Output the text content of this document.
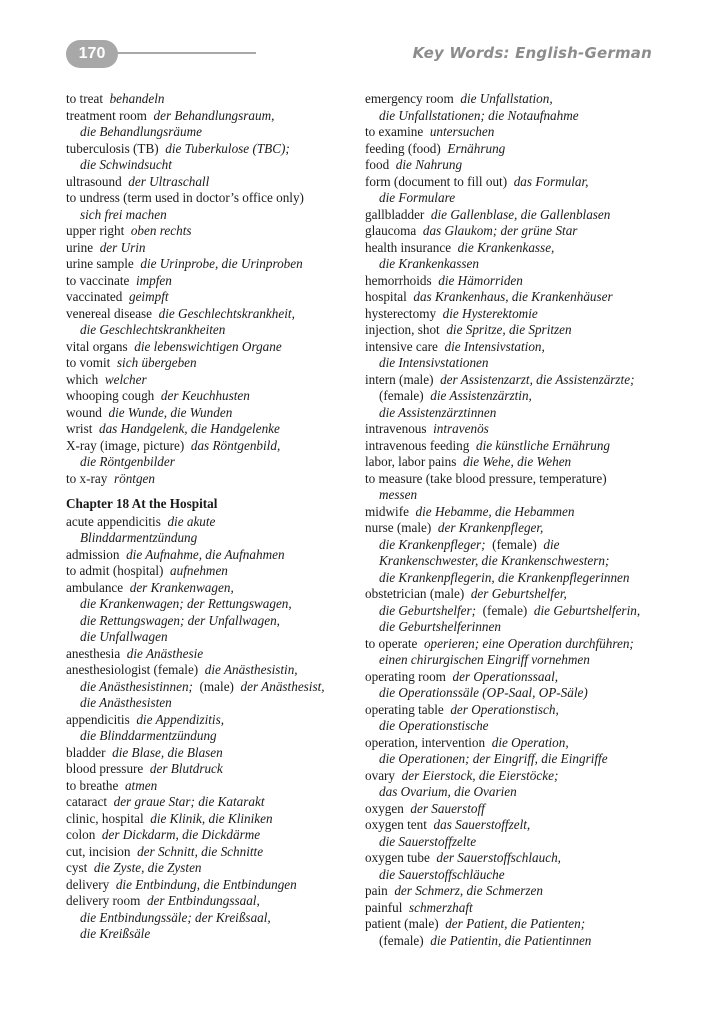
170	Key Words: English-German
to treat behandeln
treatment room der Behandlungsraum,
die Behandlungsräume
tuberculosis (TB) die Tuberkulose (TBC);
die Schwindsucht
ultrasound der Ultraschall
to undress (term used in doctor’s office only)
sich frei machen
upper right oben rechts
urine der Urin
urine sample die Urinprobe, die Urinproben
to vaccinate impfen
vaccinated geimpft
venereal disease die Geschlechtskrankheit,
die Geschlechtskrankheiten
vital organs die lebenswichtigen Organe
to vomit sich übergeben
which welcher
whooping cough der Keuchhusten
wound die Wunde, die Wunden
wrist das Handgelenk, die Handgelenke
X-ray (image, picture) das Röntgenbild,
die Röntgenbilder
to x-ray röntgen
Chapter 18 At the Hospital
acute appendicitis die akute
Blinddarmentzündung
admission die Aufnahme, die Aufnahmen
to admit (hospital) aufnehmen
ambulance der Krankenwagen,
die Krankenwagen; der Rettungswagen,
die Rettungswagen; der Unfallwagen,
die Unfallwagen
anesthesia die Anästhesie
anesthesiologist (female) die Anästhesistin,
die Anästhesistinnen; (male) der Anästhesist,
die Anästhesisten
appendicitis die Appendizitis,
die Blinddarmentzündung
bladder die Blase, die Blasen
blood pressure der Blutdruck
to breathe atmen
cataract der graue Star; die Katarakt
clinic, hospital die Klinik, die Kliniken
colon der Dickdarm, die Dickdärme
cut, incision der Schnitt, die Schnitte
cyst die Zyste, die Zysten
delivery die Entbindung, die Entbindungen
delivery room der Entbindungssaal,
die Entbindungssäle; der Kreißsaal,
die Kreißsäle
emergency room die Unfallstation,
die Unfallstationen; die Notaufnahme
to examine untersuchen
feeding (food) Ernährung
food die Nahrung
form (document to fill out) das Formular,
die Formulare
gallbladder die Gallenblase, die Gallenblasen
glaucoma das Glaukom; der grüne Star
health insurance die Krankenkasse,
die Krankenkassen
hemorrhoids die Hämorriden
hospital das Krankenhaus, die Krankenhäuser
hysterectomy die Hysterektomie
injection, shot die Spritze, die Spritzen
intensive care die Intensivstation,
die Intensivstationen
intern (male) der Assistenzarzt, die Assistenzärzte;
(female) die Assistenzärztin,
die Assistenzärztinnen
intravenous intravenös
intravenous feeding die künstliche Ernährung
labor, labor pains die Wehe, die Wehen
to measure (take blood pressure, temperature)
messen
midwife die Hebamme, die Hebammen
nurse (male) der Krankenpfleger,
die Krankenpfleger; (female) die
Krankenschwester, die Krankenschwestern;
die Krankenpflegerin, die Krankenpflegerinnen
obstetrician (male) der Geburtshelfer,
die Geburtshelfer; (female) die Geburtshelferin,
die Geburtshelferinnen
to operate operieren; eine Operation durchführen;
einen chirurgischen Eingriff vornehmen
operating room der Operationssaal,
die Operationssäle (OP-Saal, OP-Säle)
operating table der Operationstisch,
die Operationstische
operation, intervention die Operation,
die Operationen; der Eingriff, die Eingriffe
ovary der Eierstock, die Eierstöcke;
das Ovarium, die Ovarien
oxygen der Sauerstoff
oxygen tent das Sauerstoffzelt,
die Sauerstoffzelte
oxygen tube der Sauerstoffschlauch,
die Sauerstoffschläuche
pain der Schmerz, die Schmerzen
painful schmerzhaft
patient (male) der Patient, die Patienten;
(female) die Patientin, die Patientinnen
